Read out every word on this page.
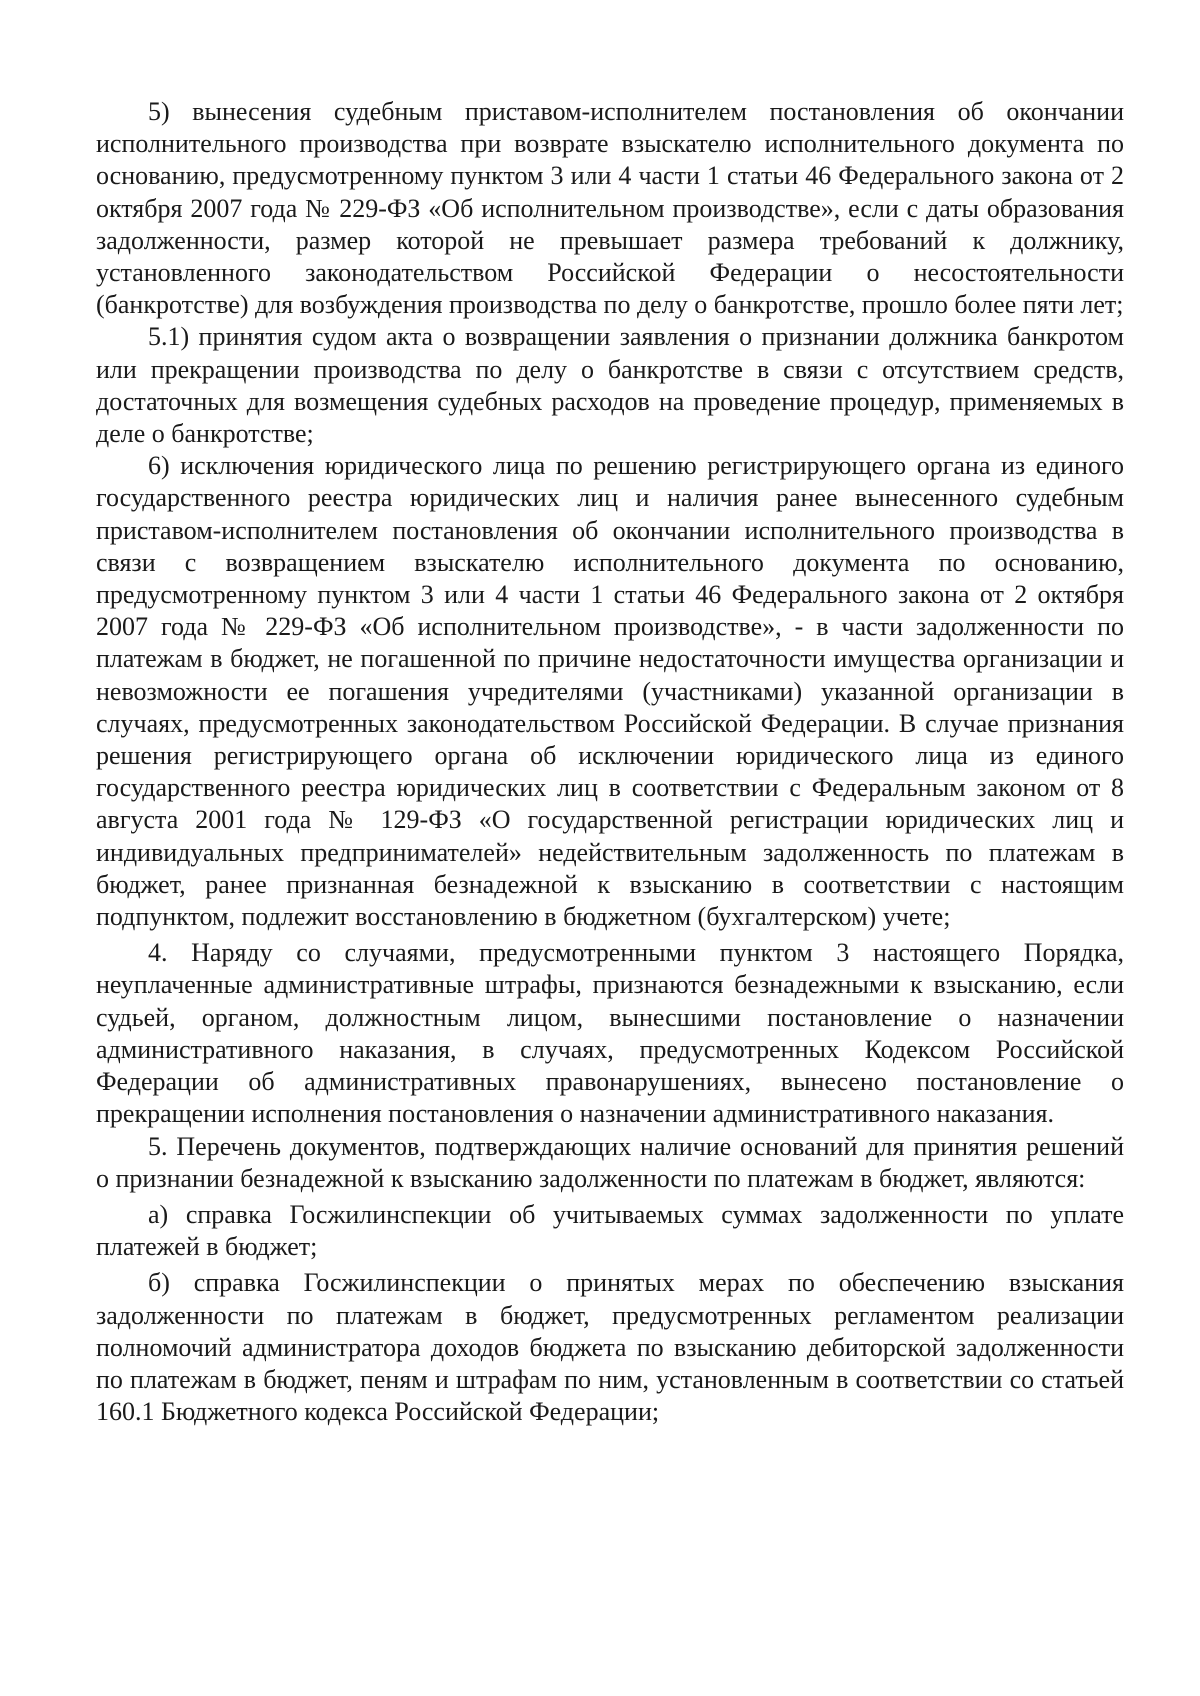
5) вынесения судебным приставом-исполнителем постановления об окончании исполнительного производства при возврате взыскателю исполнительного документа по основанию, предусмотренному пунктом 3 или 4 части 1 статьи 46 Федерального закона от 2 октября 2007 года № 229-ФЗ «Об исполнительном производстве», если с даты образования задолженности, размер которой не превышает размера требований к должнику, установленного законодательством Российской Федерации о несостоятельности (банкротстве) для возбуждения производства по делу о банкротстве, прошло более пяти лет;

5.1) принятия судом акта о возвращении заявления о признании должника банкротом или прекращении производства по делу о банкротстве в связи с отсутствием средств, достаточных для возмещения судебных расходов на проведение процедур, применяемых в деле о банкротстве;

6) исключения юридического лица по решению регистрирующего органа из единого государственного реестра юридических лиц и наличия ранее вынесенного судебным приставом-исполнителем постановления об окончании исполнительного производства в связи с возвращением взыскателю исполнительного документа по основанию, предусмотренному пунктом 3 или 4 части 1 статьи 46 Федерального закона от 2 октября 2007 года № 229-ФЗ «Об исполнительном производстве», - в части задолженности по платежам в бюджет, не погашенной по причине недостаточности имущества организации и невозможности ее погашения учредителями (участниками) указанной организации в случаях, предусмотренных законодательством Российской Федерации. В случае признания решения регистрирующего органа об исключении юридического лица из единого государственного реестра юридических лиц в соответствии с Федеральным законом от 8 августа 2001 года № 129-ФЗ «О государственной регистрации юридических лиц и индивидуальных предпринимателей» недействительным задолженность по платежам в бюджет, ранее признанная безнадежной к взысканию в соответствии с настоящим подпунктом, подлежит восстановлению в бюджетном (бухгалтерском) учете;

4. Наряду со случаями, предусмотренными пунктом 3 настоящего Порядка, неуплаченные административные штрафы, признаются безнадежными к взысканию, если судьей, органом, должностным лицом, вынесшими постановление о назначении административного наказания, в случаях, предусмотренных Кодексом Российской Федерации об административных правонарушениях, вынесено постановление о прекращении исполнения постановления о назначении административного наказания.

5. Перечень документов, подтверждающих наличие оснований для принятия решений о признании безнадежной к взысканию задолженности по платежам в бюджет, являются:

а) справка Госжилинспекции об учитываемых суммах задолженности по уплате платежей в бюджет;

б) справка Госжилинспекции о принятых мерах по обеспечению взыскания задолженности по платежам в бюджет, предусмотренных регламентом реализации полномочий администратора доходов бюджета по взысканию дебиторской задолженности по платежам в бюджет, пеням и штрафам по ним, установленным в соответствии со статьей 160.1 Бюджетного кодекса Российской Федерации;
